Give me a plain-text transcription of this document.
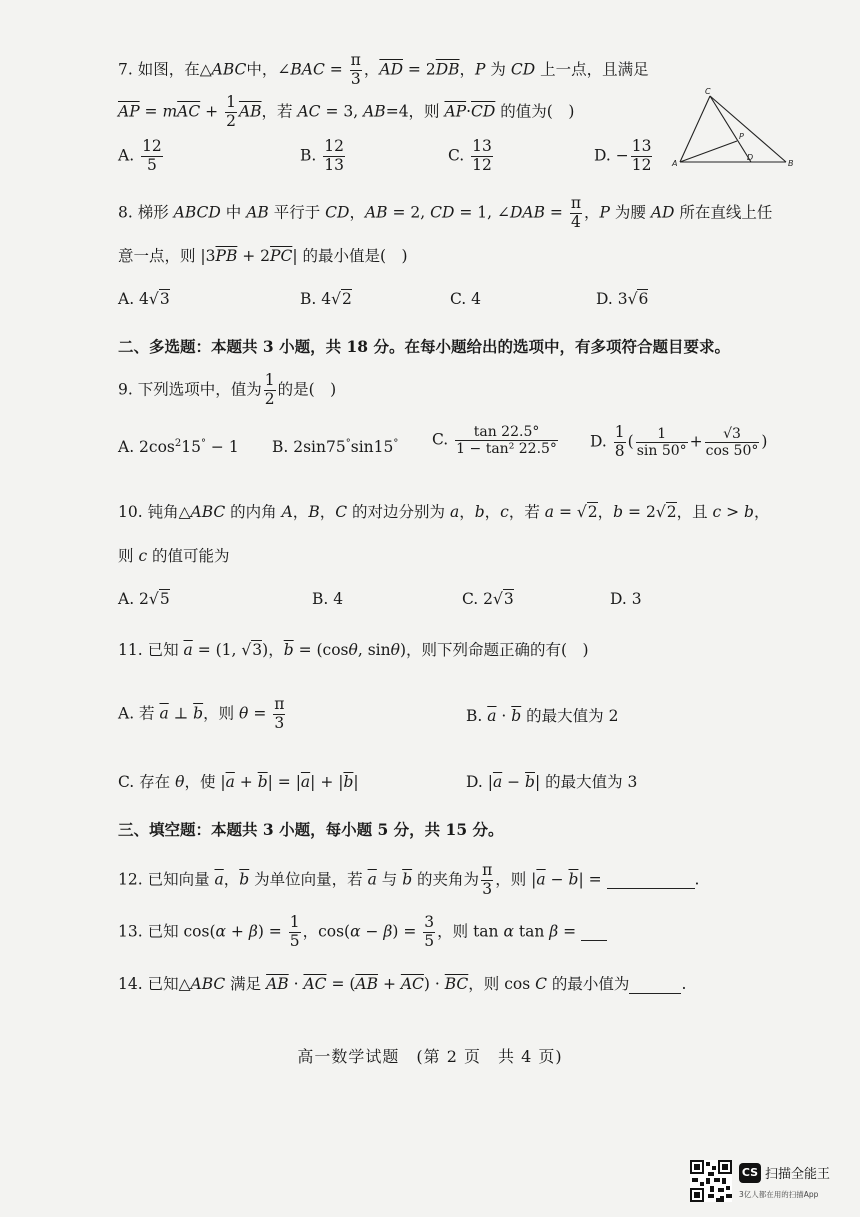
7. 如图，在△ABC中，∠BAC = $\frac{\pi}{3}$ ，$\overline{AD} = 2\overline{DB}$，P 为 CD 上一点，且满足
$\overline{AP} = m\overline{AC} + \frac{1}{2} \overline{AB}$，若 AC = 3, AB=4，则 $\overline{AP}\cdot\overline{CD}$ 的值为(　)
A. $\frac{12}{5}$	B. $\frac{12}{13}$	C. $\frac{13}{12}$	D. − $\frac{13}{12}$
C
P
A
D
B
8. 梯形 ABCD 中 AB 平行于 CD，AB = 2, CD = 1, ∠DAB = $\frac{\pi}{4}$ ，P 为腰 AD 所在直线上任
意一点，则 $|3\overline{PB} + 2\overline{PC}|$ 的最小值是(　)
A. 4√3	B. 4√2	C. 4	D. 3√6
二、多选题：本题共 3 小题，共 18 分。在每小题给出的选项中，有多项符合题目要求。
9. 下列选项中，值为 $\frac{1}{2}$ 的是(　)
A. $2\cos^215^\circ - 1$ B. 2sin75°sin15° C. $\frac{\tan 22.5^\circ}{\text{1 − tan² 22.5°}} D$. $\frac{1}{8}$ ( $\frac{1}{\sin 50^\circ} + \frac{√3}{\cos 50^\circ}$ )
10. 钝角△ABC 的内角 A，B，C 的对边分别为 a，b，c，若 a = √2，b = 2√2，且 c > b，
则 c 的值可能为
A. 2√5	B. 4	C. 2√3	D. 3
11. 已知 $\overline{a} = (1$, √3)，$\overline{b} = (\cos\theta$, sinθ)，则下列命题正确的有(　)
A. 若 $\overline{a}$ ⊥ $\overline{b}$，则 $\theta = \frac{\pi}{3}$	B. $\overline{a} \cdot \overline{b}$ 的最大值为 2
C. 存在 θ，使 $|\overline{a} + \overline{b}| = |\overline{a}| + |\overline{b}|$	D. $|\overline{a} - \overline{b}|$ 的最大值为 3
三、填空题：本题共 3 小题，每小题 5 分，共 15 分。
12. 已知向量 $\overline{a}$，$\overline{b}$ 为单位向量，若 $\overline{a}$ 与 $\overline{b}$ 的夹角为 $\frac{\pi}{3}$ ，则 $|\overline{a} - \overline{b}|$ =	.
13. 已知 $\cos(\alpha + \beta) = \frac{1}{5}$ ，$\cos(\alpha - \beta) = \frac{3}{5}$ ，则 tan α tan β =
14. 已知△ABC 满足 $\overline{AB} \cdot \overline{AC} = (\overline{AB} + \overline{AC}) \cdot \overline{BC}$，则 cos C 的最小值为	.
高一数学试题　(第 2 页　共 4 页)
CS 扫描全能王
3亿人都在用的扫描App
